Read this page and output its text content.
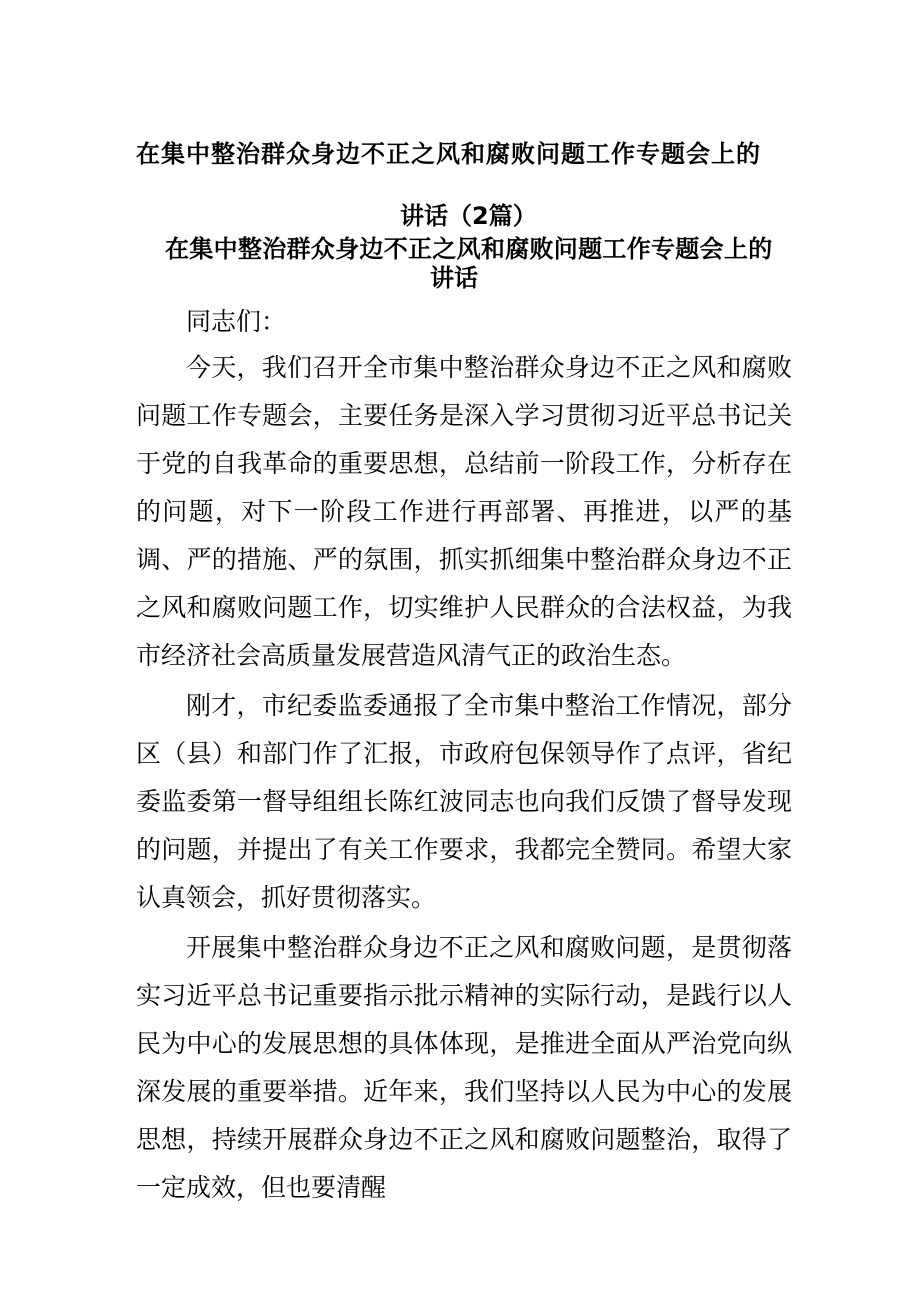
在集中整治群众身边不正之风和腐败问题工作专题会上的
讲话（2篇）
在集中整治群众身边不正之风和腐败问题工作专题会上的
讲话

同志们：

今天，我们召开全市集中整治群众身边不正之风和腐败问题工作专题会，主要任务是深入学习贯彻习近平总书记关于党的自我革命的重要思想，总结前一阶段工作，分析存在的问题，对下一阶段工作进行再部署、再推进，以严的基调、严的措施、严的氛围，抓实抓细集中整治群众身边不正之风和腐败问题工作，切实维护人民群众的合法权益，为我市经济社会高质量发展营造风清气正的政治生态。

刚才，市纪委监委通报了全市集中整治工作情况，部分区（县）和部门作了汇报，市政府包保领导作了点评，省纪委监委第一督导组组长陈红波同志也向我们反馈了督导发现的问题，并提出了有关工作要求，我都完全赞同。希望大家认真领会，抓好贯彻落实。

开展集中整治群众身边不正之风和腐败问题，是贯彻落实习近平总书记重要指示批示精神的实际行动，是践行以人民为中心的发展思想的具体体现，是推进全面从严治党向纵深发展的重要举措。近年来，我们坚持以人民为中心的发展思想，持续开展群众身边不正之风和腐败问题整治，取得了一定成效，但也要清醒
